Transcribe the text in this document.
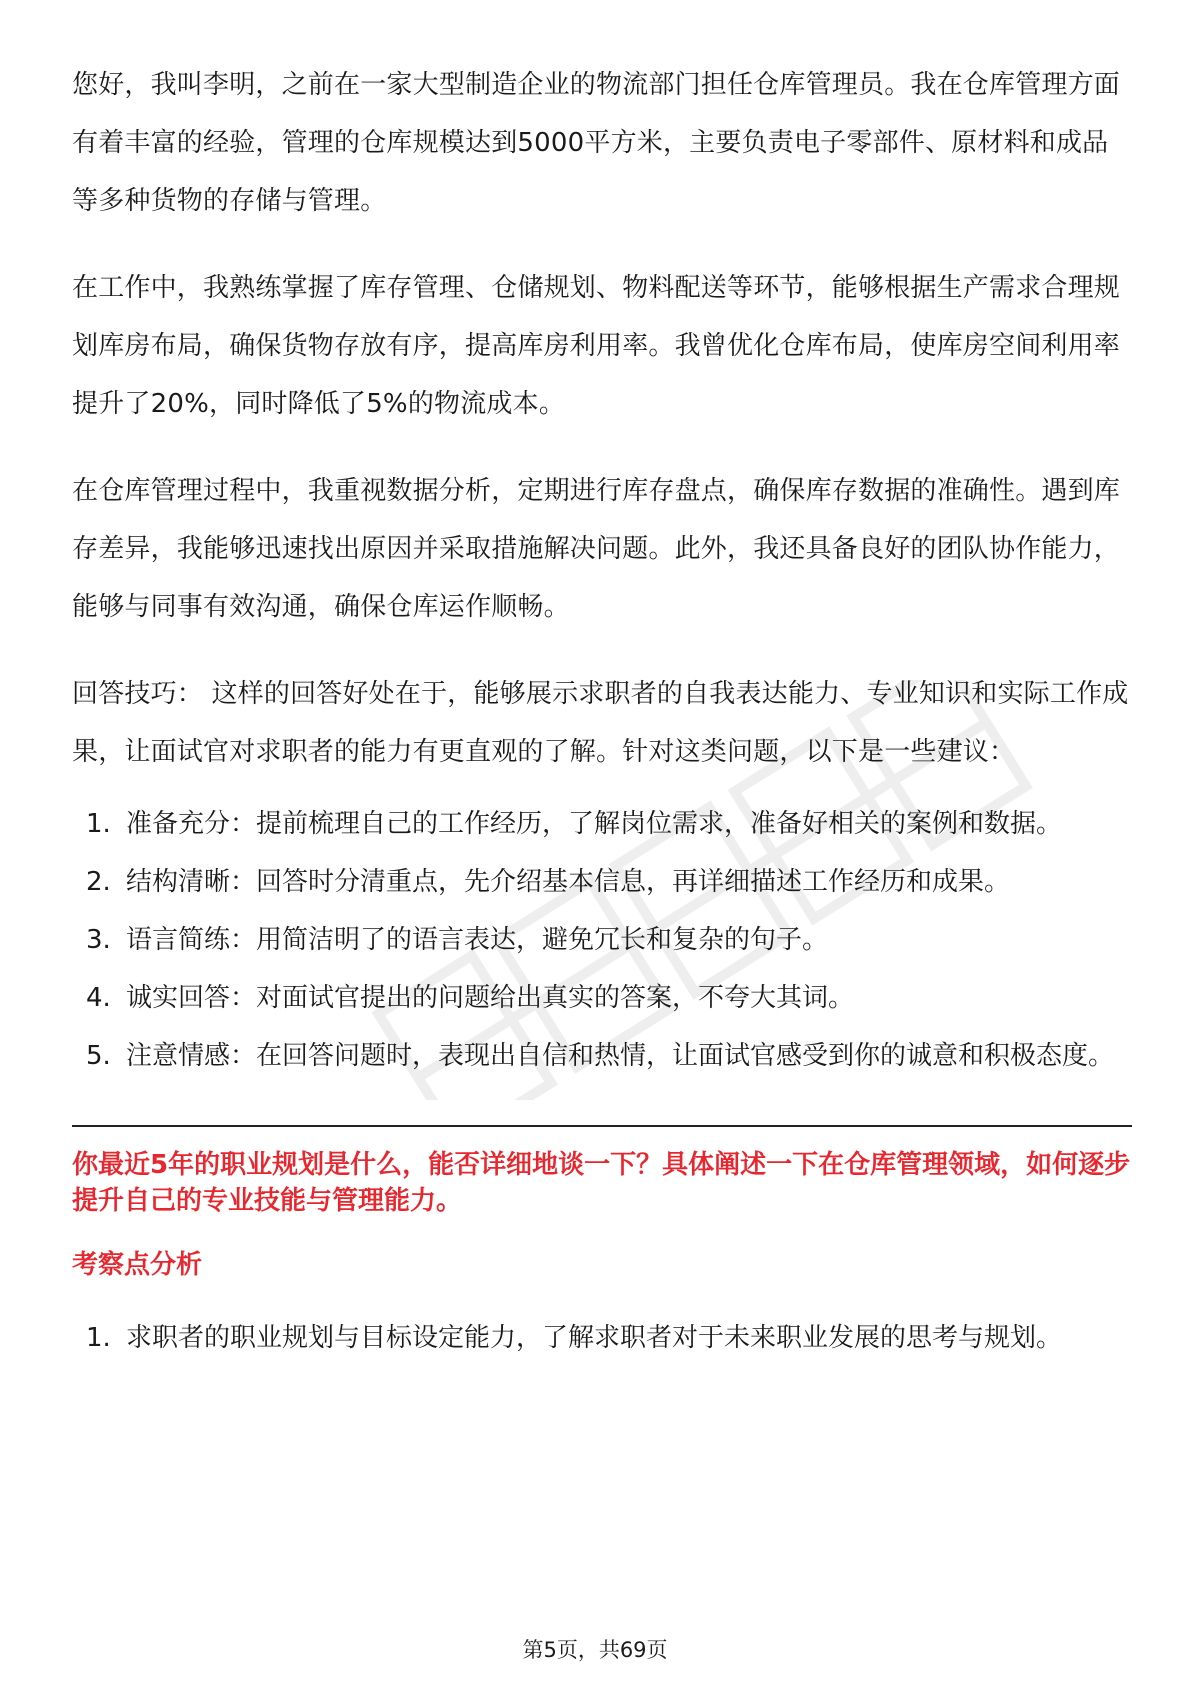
您好，我叫李明，之前在一家大型制造企业的物流部门担任仓库管理员。我在仓库管理方面有着丰富的经验，管理的仓库规模达到5000平方米，主要负责电子零部件、原材料和成品等多种货物的存储与管理。

在工作中，我熟练掌握了库存管理、仓储规划、物料配送等环节，能够根据生产需求合理规划库房布局，确保货物存放有序，提高库房利用率。我曾优化仓库布局，使库房空间利用率提升了20%，同时降低了5%的物流成本。

在仓库管理过程中，我重视数据分析，定期进行库存盘点，确保库存数据的准确性。遇到库存差异，我能够迅速找出原因并采取措施解决问题。此外，我还具备良好的团队协作能力，能够与同事有效沟通，确保仓库运作顺畅。

回答技巧： 这样的回答好处在于，能够展示求职者的自我表达能力、专业知识和实际工作成果，让面试官对求职者的能力有更直观的了解。针对这类问题，以下是一些建议：

1. 准备充分：提前梳理自己的工作经历，了解岗位需求，准备好相关的案例和数据。
2. 结构清晰：回答时分清重点，先介绍基本信息，再详细描述工作经历和成果。
3. 语言简练：用简洁明了的语言表达，避免冗长和复杂的句子。
4. 诚实回答：对面试官提出的问题给出真实的答案，不夸大其词。
5. 注意情感：在回答问题时，表现出自信和热情，让面试官感受到你的诚意和积极态度。
你最近5年的职业规划是什么，能否详细地谈一下？具体阐述一下在仓库管理领域，如何逐步提升自己的专业技能与管理能力。
考察点分析
1. 求职者的职业规划与目标设定能力，了解求职者对于未来职业发展的思考与规划。
第5页，共69页
